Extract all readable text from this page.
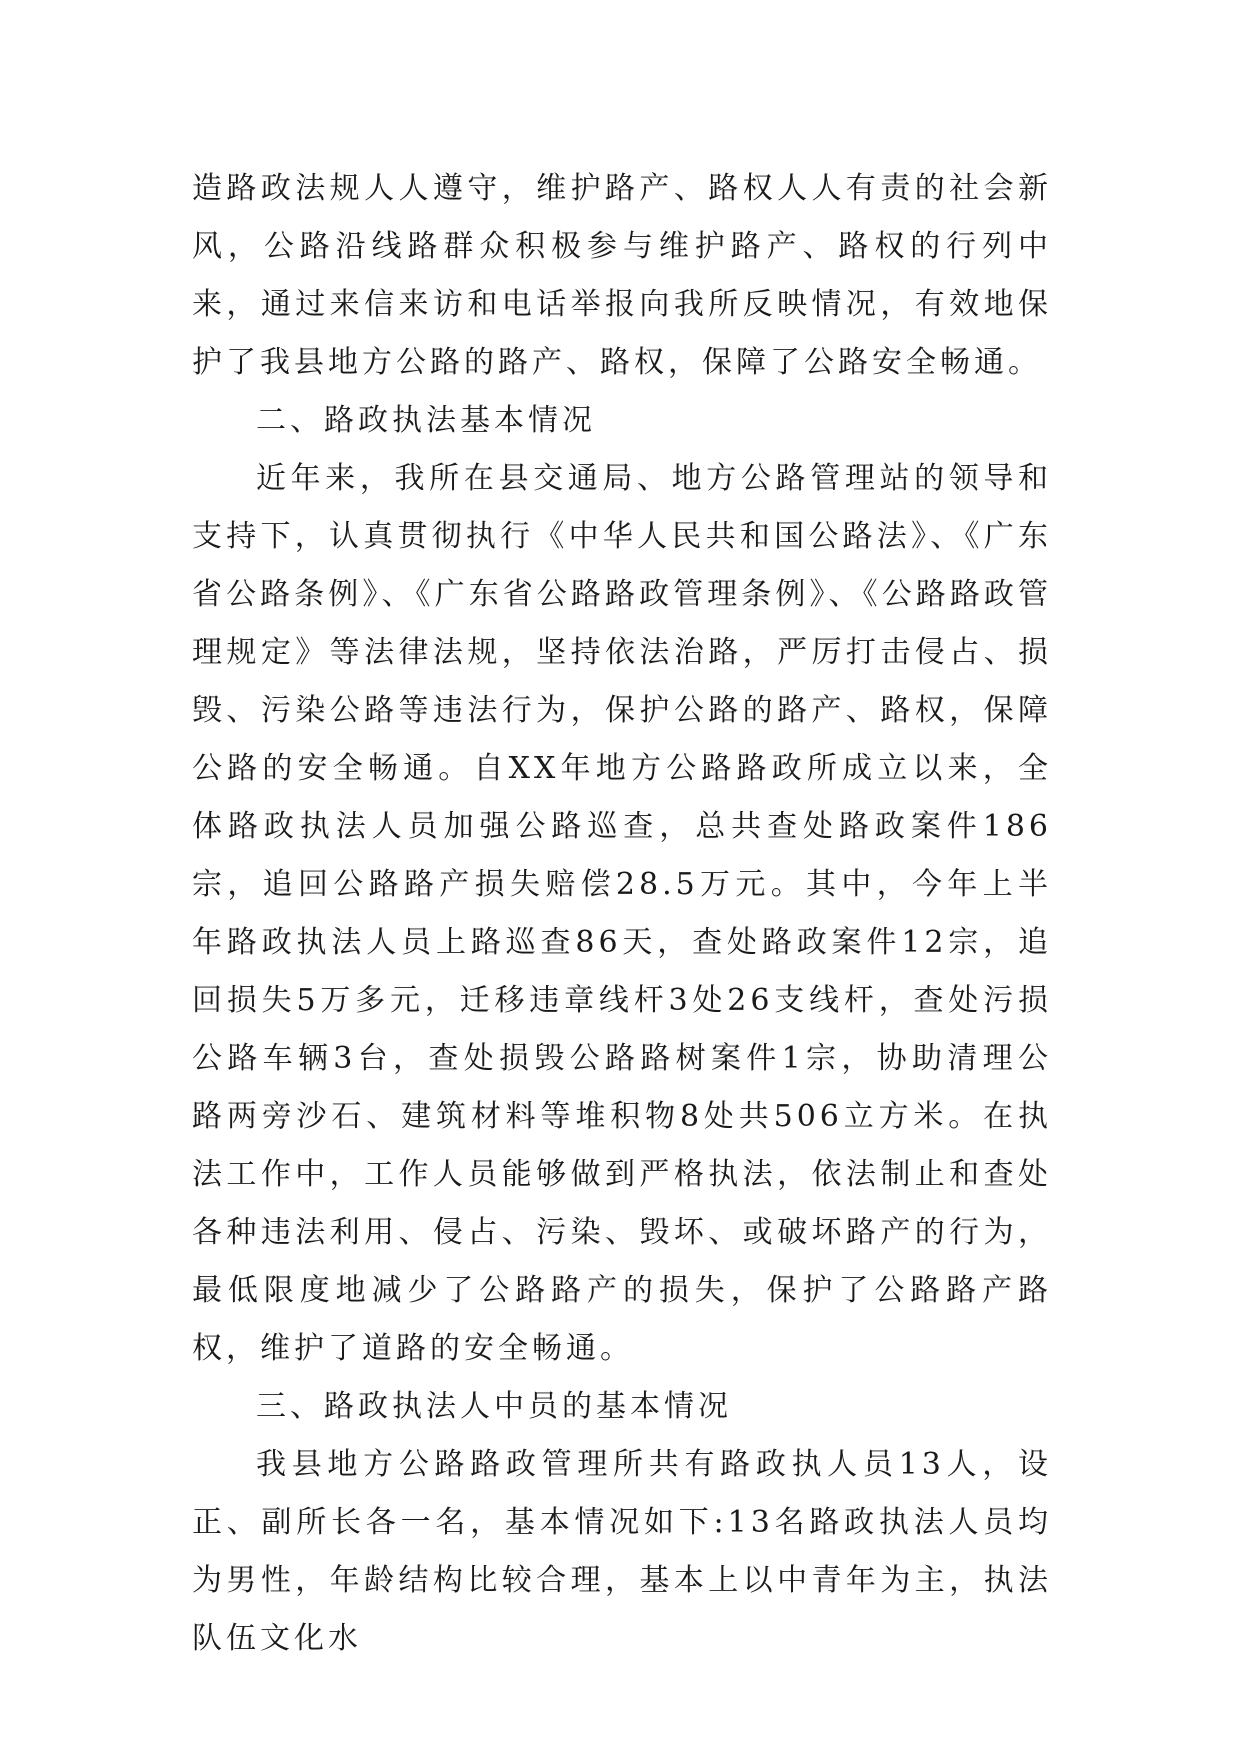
造路政法规人人遵守，维护路产、路权人人有责的社会新风，公路沿线路群众积极参与维护路产、路权的行列中来，通过来信来访和电话举报向我所反映情况，有效地保护了我县地方公路的路产、路权，保障了公路安全畅通。

二、路政执法基本情况

近年来，我所在县交通局、地方公路管理站的领导和支持下，认真贯彻执行《中华人民共和国公路法》、《广东省公路条例》、《广东省公路路政管理条例》、《公路路政管理规定》等法律法规，坚持依法治路，严厉打击侵占、损毁、污染公路等违法行为，保护公路的路产、路权，保障公路的安全畅通。自XX年地方公路路政所成立以来，全体路政执法人员加强公路巡查，总共查处路政案件186宗，追回公路路产损失赔偿28.5万元。其中，今年上半年路政执法人员上路巡查86天，查处路政案件12宗，追回损失5万多元，迁移违章线杆3处26支线杆，查处污损公路车辆3台，查处损毁公路路树案件1宗，协助清理公路两旁沙石、建筑材料等堆积物8处共506立方米。在执法工作中，工作人员能够做到严格执法，依法制止和查处各种违法利用、侵占、污染、毁坏、或破坏路产的行为，最低限度地减少了公路路产的损失，保护了公路路产路权，维护了道路的安全畅通。

三、路政执法人中员的基本情况

我县地方公路路政管理所共有路政执人员13人，设正、副所长各一名，基本情况如下:13名路政执法人员均为男性，年龄结构比较合理，基本上以中青年为主，执法队伍文化水
